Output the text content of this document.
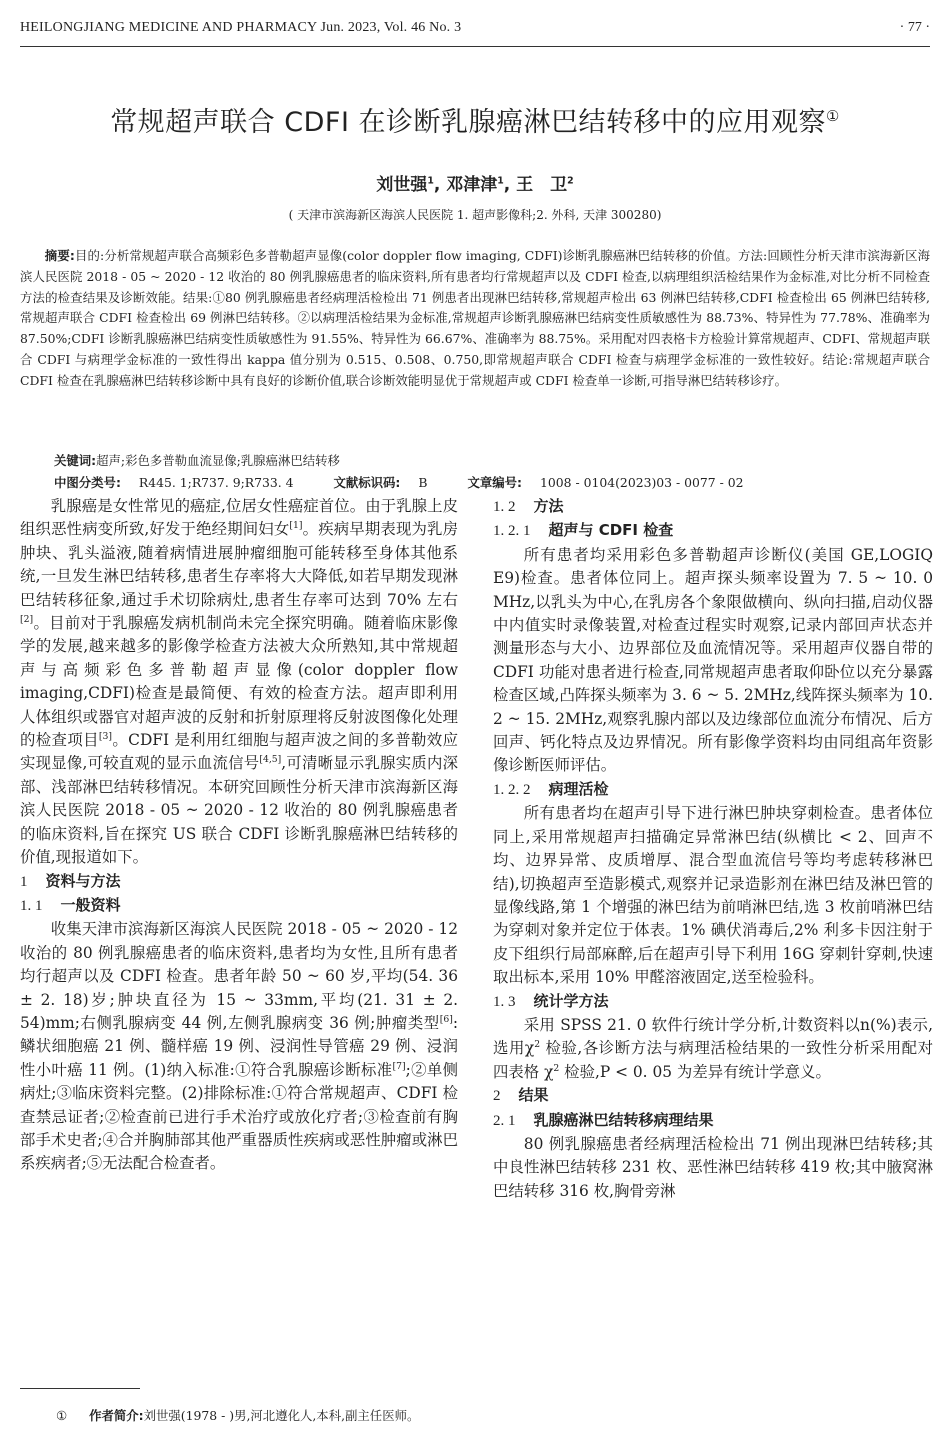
HEILONGJIANG MEDICINE AND PHARMACY Jun. 2023, Vol. 46 No. 3	· 77 ·
常规超声联合 CDFI 在诊断乳腺癌淋巴结转移中的应用观察①
刘世强$^1$, 邓津津$^1$, 王　卫$^2$
( 天津市滨海新区海滨人民医院 1. 超声影像科;2. 外科, 天津 300280)

摘要:目的:分析常规超声联合高频彩色多普勒超声显像(color doppler flow imaging, CDFI)诊断乳腺癌淋巴结转移的价值。方法:回顾性分析天津市滨海新区海滨人民医院 2018 - 05 ~ 2020 - 12 收治的 80 例乳腺癌患者的临床资料,所有患者均行常规超声以及 CDFI 检查,以病理组织活检结果作为金标准,对比分析不同检查方法的检查结果及诊断效能。结果:①80 例乳腺癌患者经病理活检检出 71 例患者出现淋巴结转移,常规超声检出 63 例淋巴结转移,CDFI 检查检出 65 例淋巴结转移,常规超声联合 CDFI 检查检出 69 例淋巴结转移。②以病理活检结果为金标准,常规超声诊断乳腺癌淋巴结病变性质敏感性为 88.73%、特异性为 77.78%、准确率为 87.50%;CDFI 诊断乳腺癌淋巴结病变性质敏感性为 91.55%、特异性为 66.67%、准确率为 88.75%。采用配对四表格卡方检验计算常规超声、CDFI、常规超声联合 CDFI 与病理学金标准的一致性得出 kappa 值分别为 0.515、0.508、0.750,即常规超声联合 CDFI 检查与病理学金标准的一致性较好。结论:常规超声联合 CDFI 检查在乳腺癌淋巴结转移诊断中具有良好的诊断价值,联合诊断效能明显优于常规超声或 CDFI 检查单一诊断,可指导淋巴结转移诊疗。

关键词:超声;彩色多普勒血流显像;乳腺癌淋巴结转移
中图分类号: R445. 1;R737. 9;R733. 4	文献标识码: B	文章编号: 1008 - 0104(2023)03 - 0077 - 02

乳腺癌是女性常见的癌症,位居女性癌症首位。由于乳腺上皮组织恶性病变所致,好发于绝经期间妇女[1]。疾病早期表现为乳房肿块、乳头溢液,随着病情进展肿瘤细胞可能转移至身体其他系统,一旦发生淋巴结转移,患者生存率将大大降低,如若早期发现淋巴结转移征象,通过手术切除病灶,患者生存率可达到 70% 左右[2]。目前对于乳腺癌发病机制尚未完全探究明确。随着临床影像学的发展,越来越多的影像学检查方法被大众所熟知,其中常规超声与高频彩色多普勒超声显像(color doppler flow imaging,CDFI)检查是最简便、有效的检查方法。超声即利用人体组织或器官对超声波的反射和折射原理将反射波图像化处理的检查项目[3]。CDFI 是利用红细胞与超声波之间的多普勒效应实现显像,可较直观的显示血流信号[4,5],可清晰显示乳腺实质内深部、浅部淋巴结转移情况。本研究回顾性分析天津市滨海新区海滨人民医院 2018 - 05 ~ 2020 - 12 收治的 80 例乳腺癌患者的临床资料,旨在探究 US 联合 CDFI 诊断乳腺癌淋巴结转移的价值,现报道如下。

1 资料与方法
1. 1 一般资料

收集天津市滨海新区海滨人民医院 2018 - 05 ~ 2020 - 12 收治的 80 例乳腺癌患者的临床资料,患者均为女性,且所有患者均行超声以及 CDFI 检查。患者年龄 50 ~ 60 岁,平均(54. 36 ± 2. 18)岁;肿块直径为 15 ~ 33mm,平均(21. 31 ± 2. 54)mm;右侧乳腺病变 44 例,左侧乳腺病变 36 例;肿瘤类型[6]:鳞状细胞癌 21 例、髓样癌 19 例、浸润性导管癌 29 例、浸润性小叶癌 11 例。(1)纳入标准:①符合乳腺癌诊断标准[7];②单侧病灶;③临床资料完整。(2)排除标准:①符合常规超声、CDFI 检查禁忌证者;②检查前已进行手术治疗或放化疗者;③检查前有胸部手术史者;④合并胸肺部其他严重器质性疾病或恶性肿瘤或淋巴系疾病者;⑤无法配合检查者。

1. 2 方法
1. 2. 1 超声与 CDFI 检查

所有患者均采用彩色多普勒超声诊断仪(美国 GE,LOGIQ E9)检查。患者体位同上。超声探头频率设置为 7. 5 ~ 10. 0 MHz,以乳头为中心,在乳房各个象限做横向、纵向扫描,启动仪器中内值实时录像装置,对检查过程实时观察,记录内部回声状态并测量形态与大小、边界部位及血流情况等。采用超声仪器自带的 CDFI 功能对患者进行检查,同常规超声患者取仰卧位以充分暴露检查区域,凸阵探头频率为 3. 6 ~ 5. 2MHz,线阵探头频率为 10. 2 ~ 15. 2MHz,观察乳腺内部以及边缘部位血流分布情况、后方回声、钙化特点及边界情况。所有影像学资料均由同组高年资影像诊断医师评估。

1. 2. 2 病理活检

所有患者均在超声引导下进行淋巴肿块穿刺检查。患者体位同上,采用常规超声扫描确定异常淋巴结(纵横比 < 2、回声不均、边界异常、皮质增厚、混合型血流信号等均考虑转移淋巴结),切换超声至造影模式,观察并记录造影剂在淋巴结及淋巴管的显像线路,第 1 个增强的淋巴结为前哨淋巴结,选 3 枚前哨淋巴结为穿刺对象并定位于体表。1% 碘伏消毒后,2% 利多卡因注射于皮下组织行局部麻醉,后在超声引导下利用 16G 穿刺针穿刺,快速取出标本,采用 10% 甲醛溶液固定,送至检验科。

1. 3 统计学方法

采用 SPSS 21. 0 软件行统计学分析,计数资料以n(%)表示,选用$\chi^2$ 检验,各诊断方法与病理活检结果的一致性分析采用配对四表格 $\chi^2$ 检验,P < 0. 05 为差异有统计学意义。

2 结果
2. 1 乳腺癌淋巴结转移病理结果

80 例乳腺癌患者经病理活检检出 71 例出现淋巴结转移;其中良性淋巴结转移 231 枚、恶性淋巴结转移 419 枚;其中腋窝淋巴结转移 316 枚,胸骨旁淋

① 作者简介:刘世强(1978 - )男,河北遵化人,本科,副主任医师。
